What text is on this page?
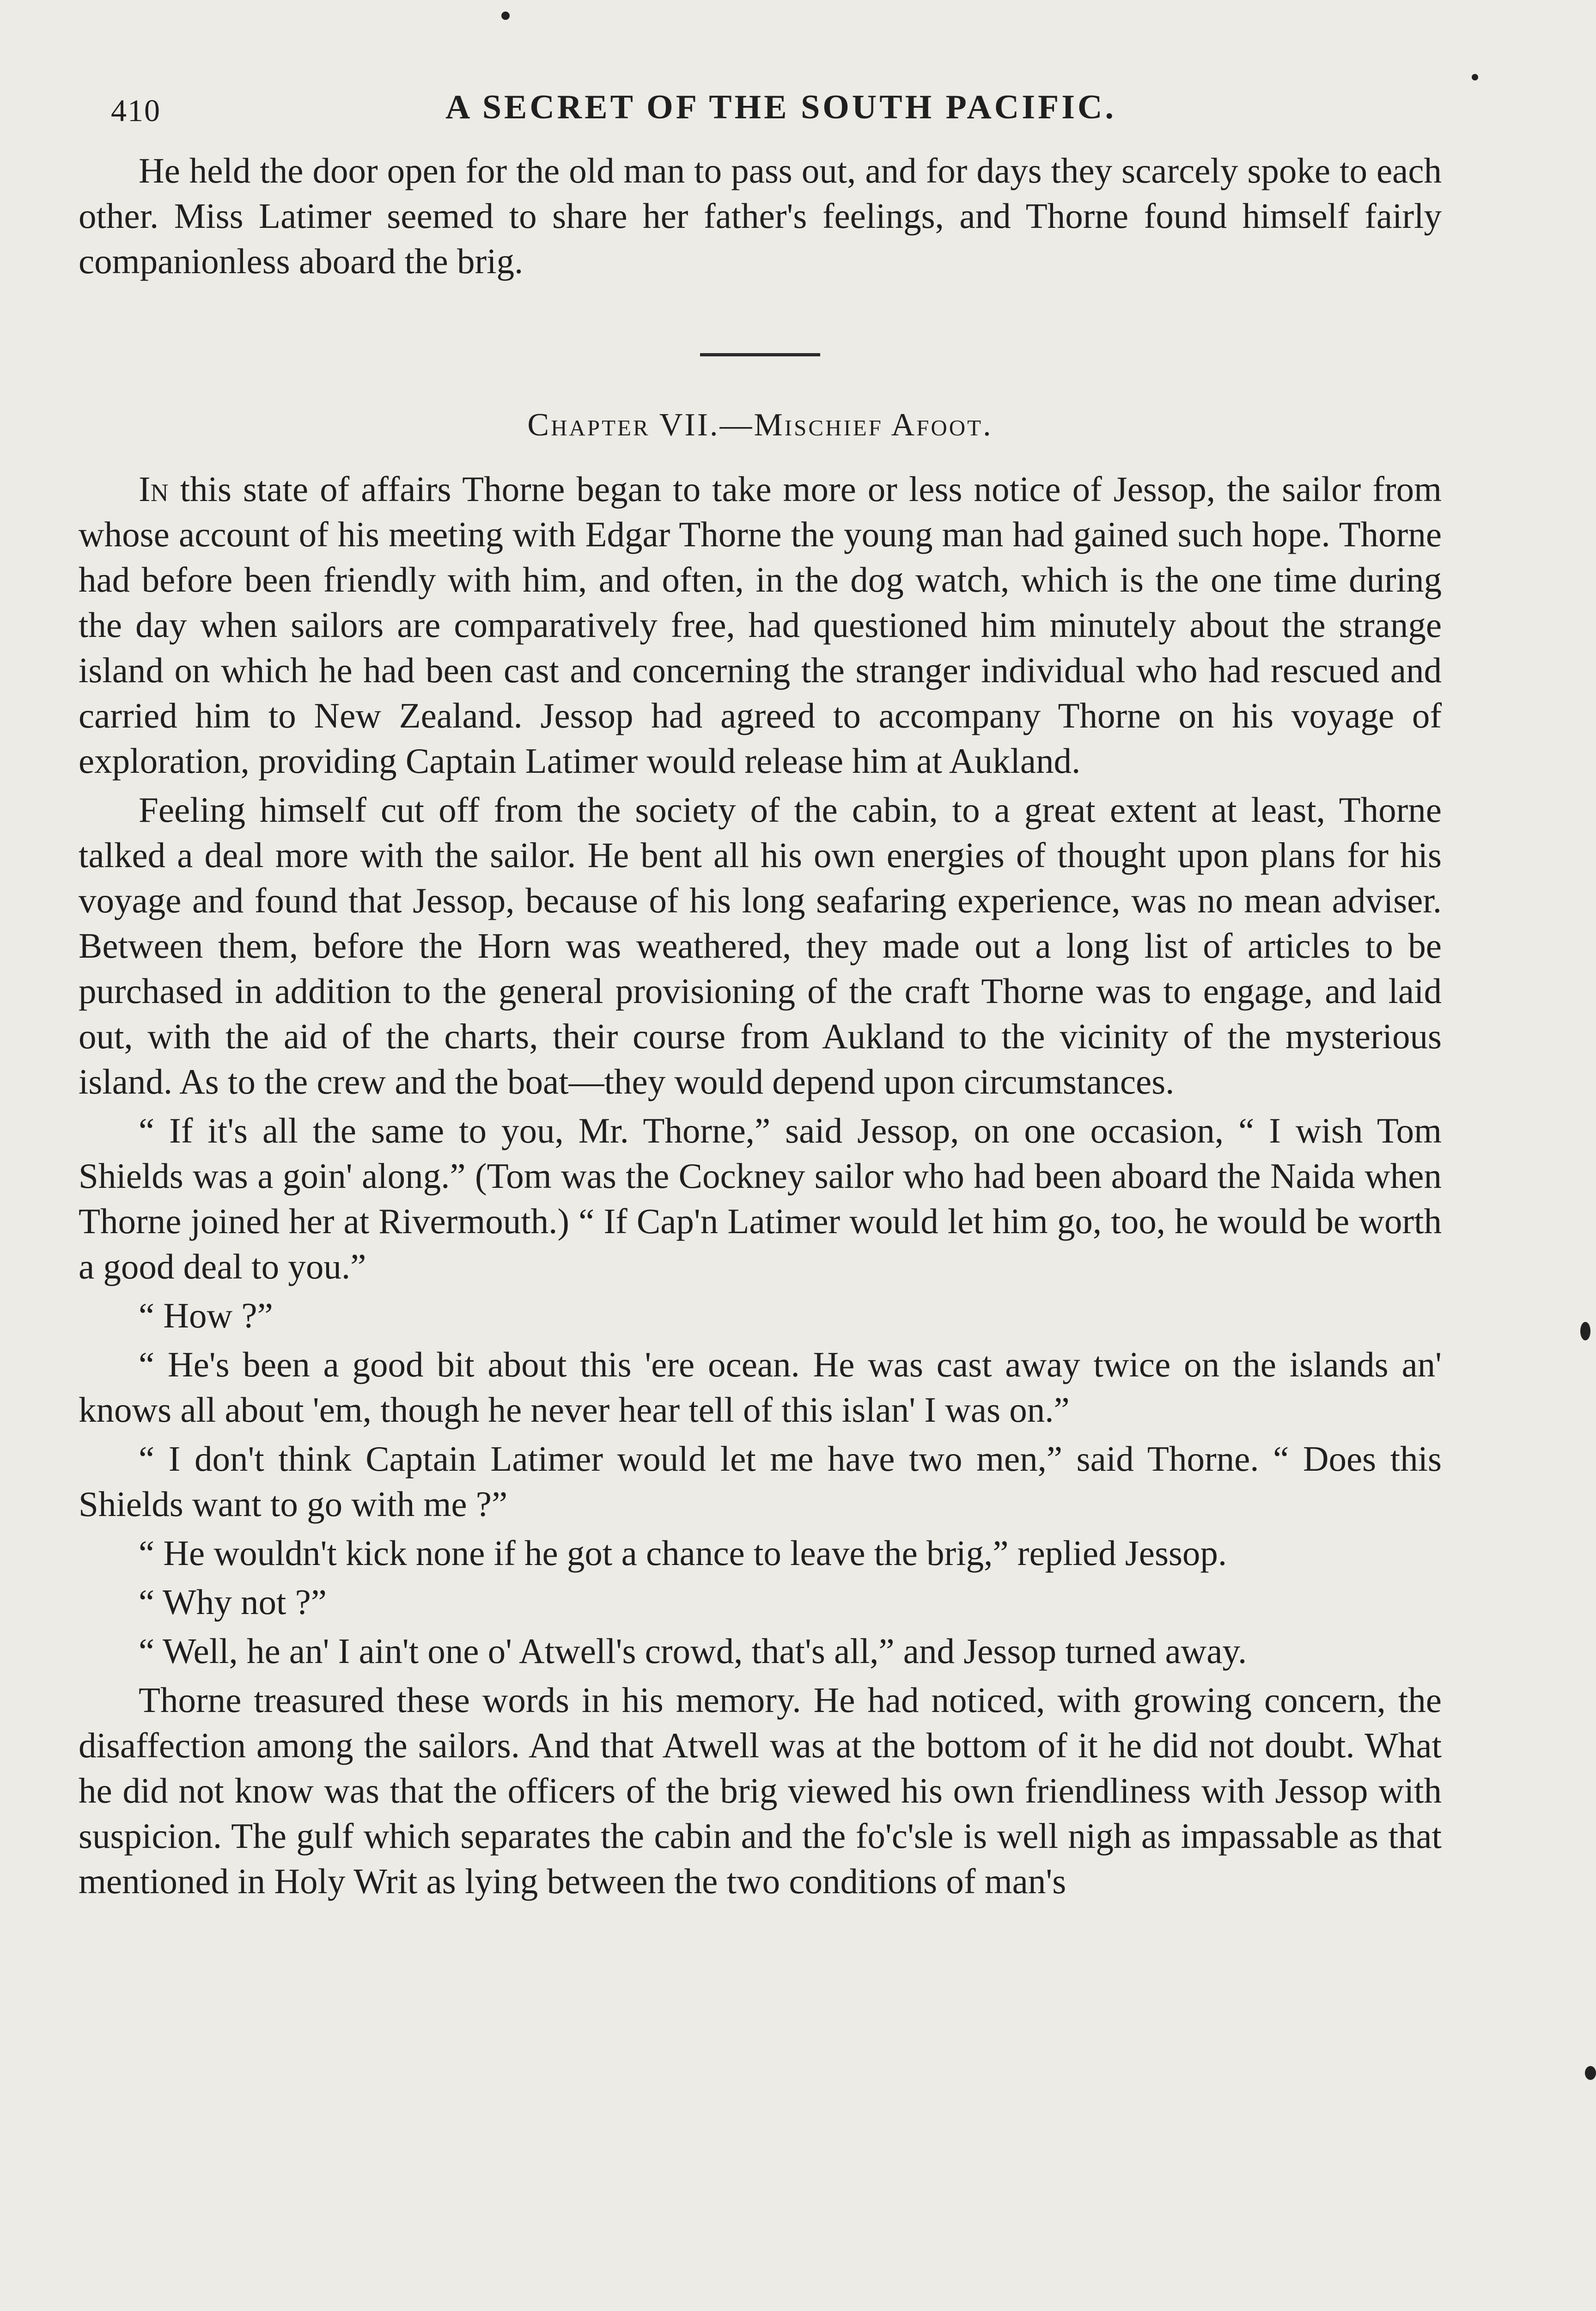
410	A SECRET OF THE SOUTH PACIFIC.

He held the door open for the old man to pass out, and for days they scarcely spoke to each other. Miss Latimer seemed to share her father's feelings, and Thorne found himself fairly companionless aboard the brig.

Chapter VII.—Mischief Afoot.

In this state of affairs Thorne began to take more or less notice of Jessop, the sailor from whose account of his meeting with Edgar Thorne the young man had gained such hope. Thorne had before been friendly with him, and often, in the dog watch, which is the one time during the day when sailors are comparatively free, had questioned him minutely about the strange island on which he had been cast and concerning the stranger individual who had rescued and carried him to New Zealand. Jessop had agreed to accompany Thorne on his voyage of exploration, providing Captain Latimer would release him at Aukland.

Feeling himself cut off from the society of the cabin, to a great extent at least, Thorne talked a deal more with the sailor. He bent all his own energies of thought upon plans for his voyage and found that Jessop, because of his long seafaring experience, was no mean adviser. Between them, before the Horn was weathered, they made out a long list of articles to be purchased in addition to the general provisioning of the craft Thorne was to engage, and laid out, with the aid of the charts, their course from Aukland to the vicinity of the mysterious island. As to the crew and the boat—they would depend upon circumstances.

“ If it's all the same to you, Mr. Thorne,” said Jessop, on one occasion, “ I wish Tom Shields was a goin' along.” (Tom was the Cockney sailor who had been aboard the Naida when Thorne joined her at Rivermouth.) “ If Cap'n Latimer would let him go, too, he would be worth a good deal to you.”

“ How ?”

“ He's been a good bit about this 'ere ocean. He was cast away twice on the islands an' knows all about 'em, though he never hear tell of this islan' I was on.”

“ I don't think Captain Latimer would let me have two men,” said Thorne. “ Does this Shields want to go with me ?”

“ He wouldn't kick none if he got a chance to leave the brig,” replied Jessop.

“ Why not ?”

“ Well, he an' I ain't one o' Atwell's crowd, that's all,” and Jessop turned away.

Thorne treasured these words in his memory. He had noticed, with growing concern, the disaffection among the sailors. And that Atwell was at the bottom of it he did not doubt. What he did not know was that the officers of the brig viewed his own friendliness with Jessop with suspicion. The gulf which separates the cabin and the fo'c'sle is well nigh as impassable as that mentioned in Holy Writ as lying between the two conditions of man's
